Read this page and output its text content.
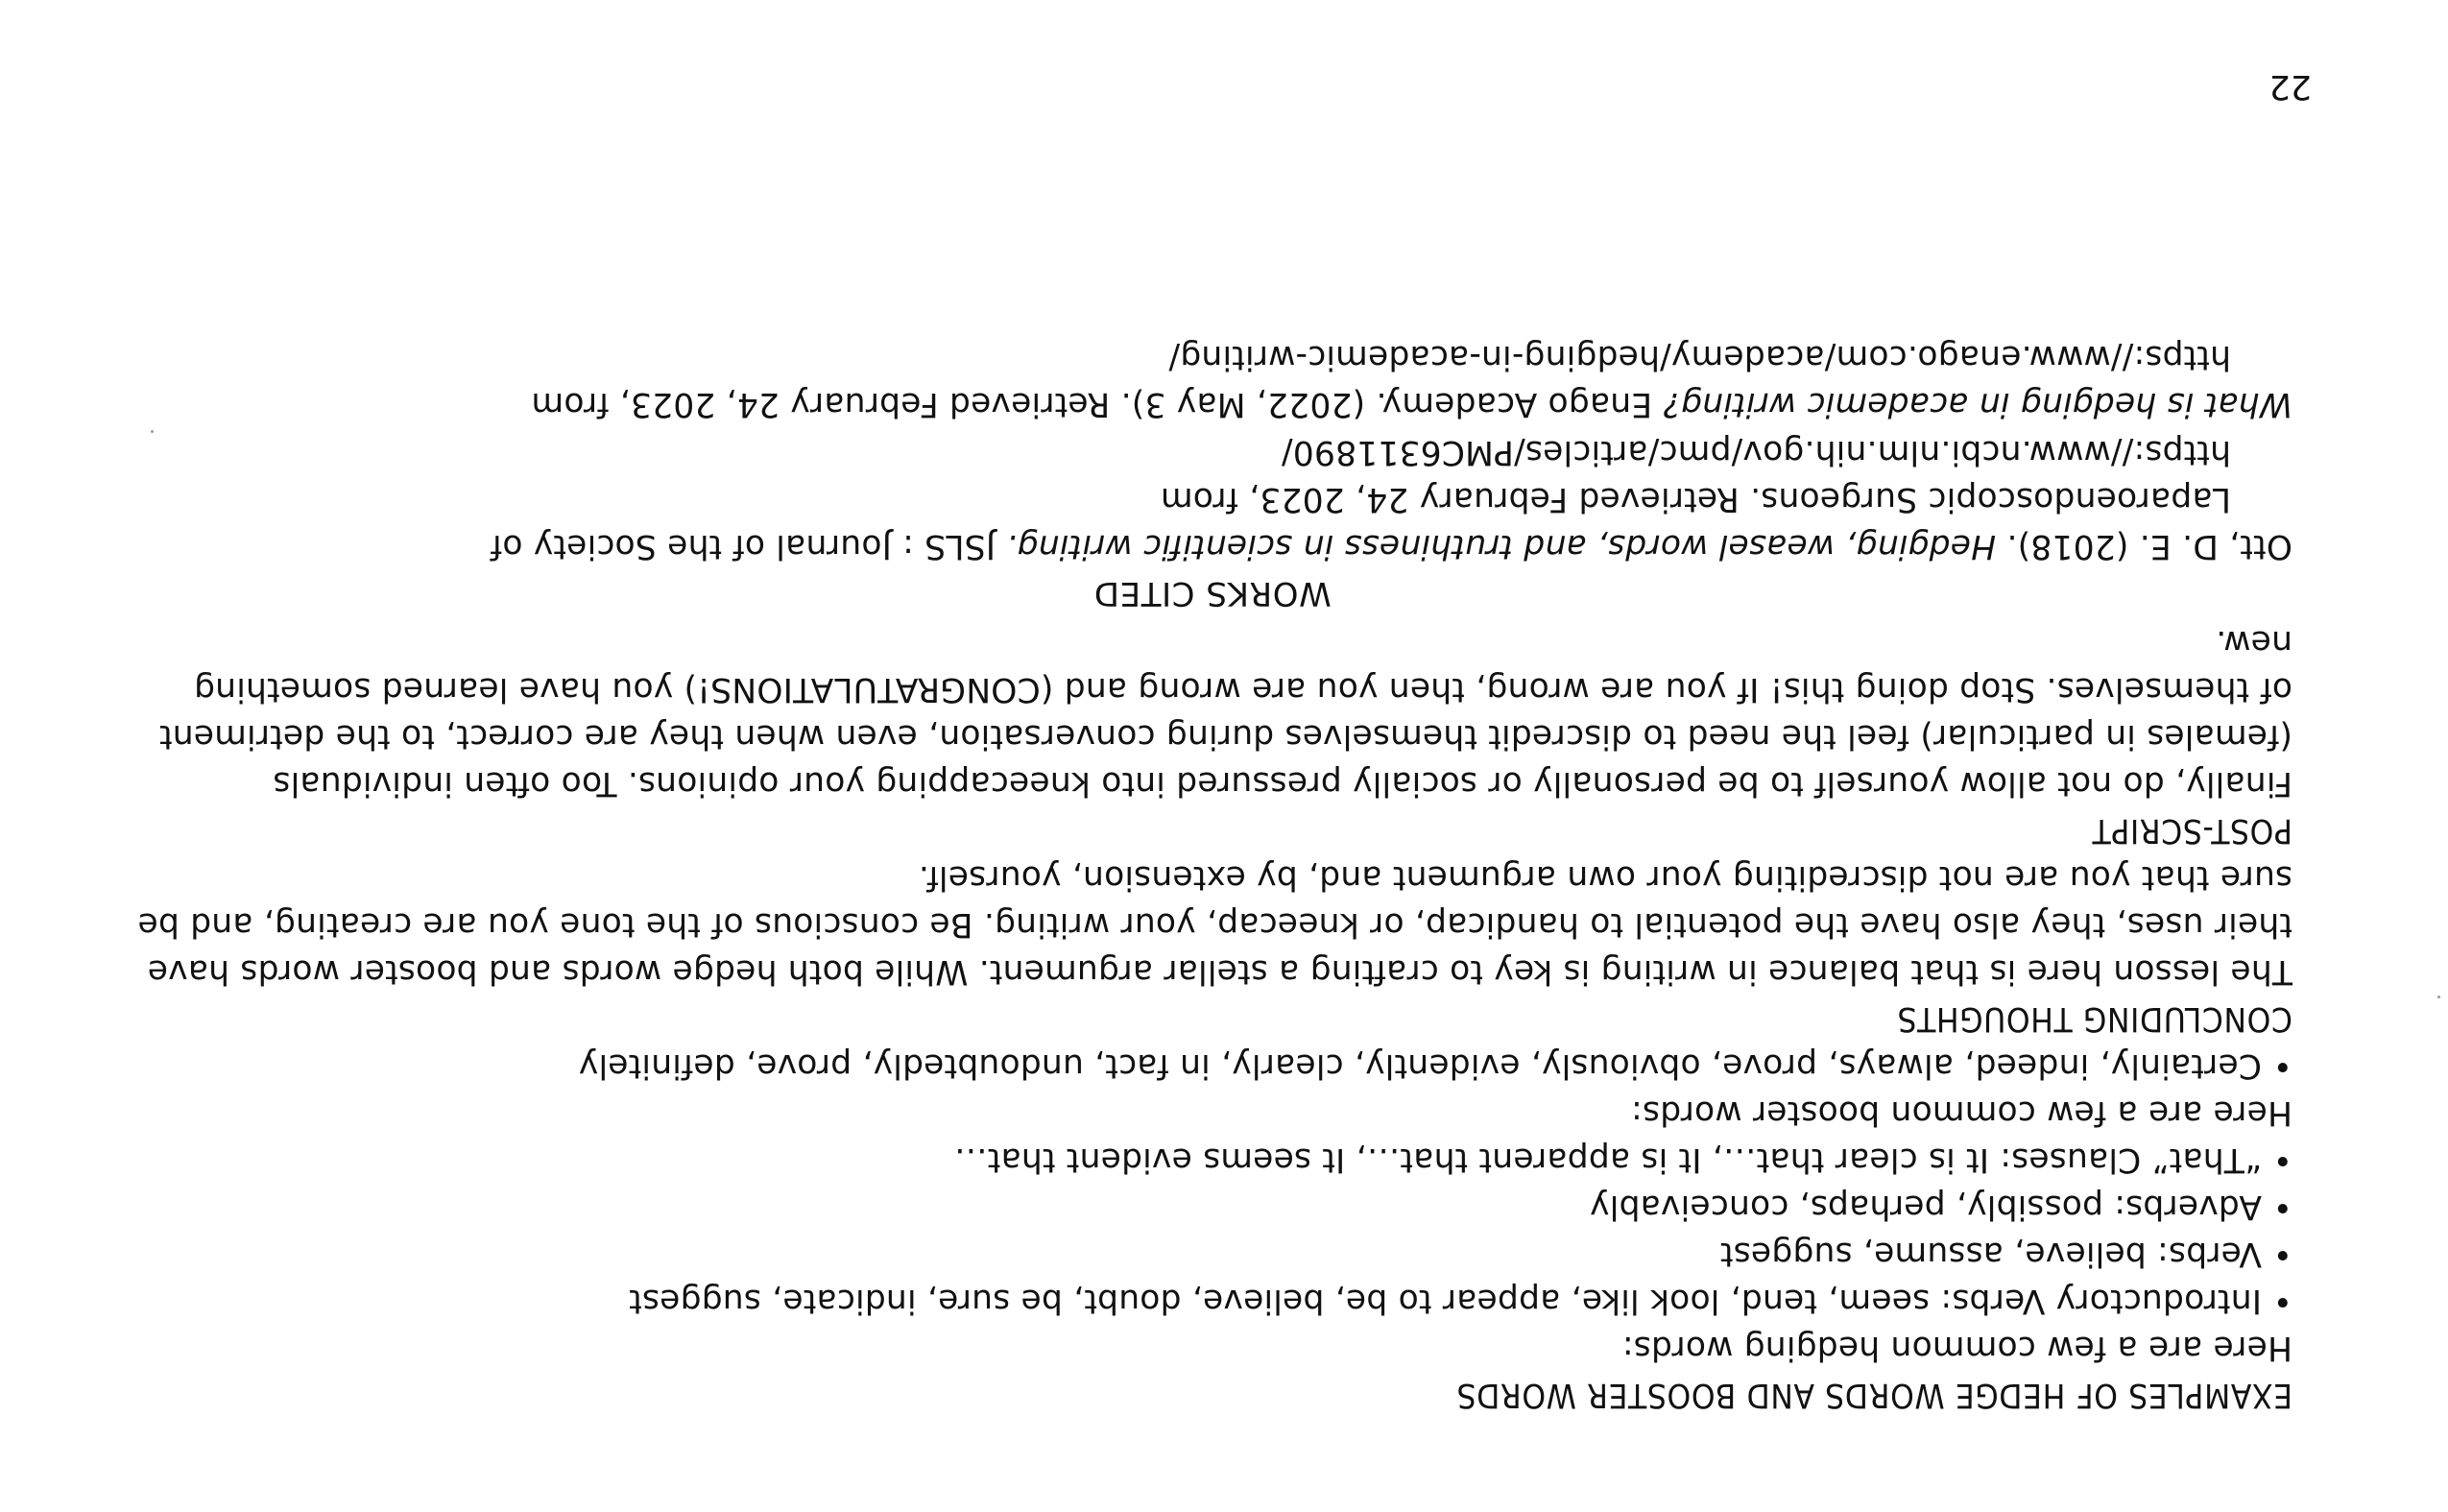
EXAMPLES OF HEDGE WORDS AND BOOSTER WORDS

Here are a few common hedging words:

• Introductory Verbs: seem, tend, look like, appear to be, believe, doubt, be sure, indicate, suggest
• Verbs: believe, assume, suggest
• Adverbs: possibly, perhaps, conceivably
• “That” Clauses: It is clear that…, It is apparent that…, It seems evident that…

Here are a few common booster words:

• Certainly, indeed, always, prove, obviously, evidently, clearly, in fact, undoubtedly, prove, definitely
CONCLUDING THOUGHTS

The lesson here is that balance in writing is key to crafting a stellar argument. While both hedge words and booster words have their uses, they also have the potential to handicap, or kneecap, your writing. Be conscious of the tone you are creating, and be sure that you are not discrediting your own argument and, by extension, yourself.

POST-SCRIPT

Finally, do not allow yourself to be personally or socially pressured into kneecapping your opinions. Too often individuals (females in particular) feel the need to discredit themselves during conversation, even when they are correct, to the detriment of themselves. Stop doing this! If you are wrong, then you are wrong and (CONGRATULATIONS!) you have learned something new.

WORKS CITED

Ott, D. E. (2018). Hedging, weasel words, and truthiness in scientific writing. JSLS : Journal of the Society of Laparoendoscopic Surgeons. Retrieved February 24, 2023, from https://www.ncbi.nlm.nih.gov/pmc/articles/PMC6311890/

What is hedging in academic writing? Enago Academy. (2022, May 3). Retrieved February 24, 2023, from https://www.enago.com/academy/hedging-in-academic-writing/

22
